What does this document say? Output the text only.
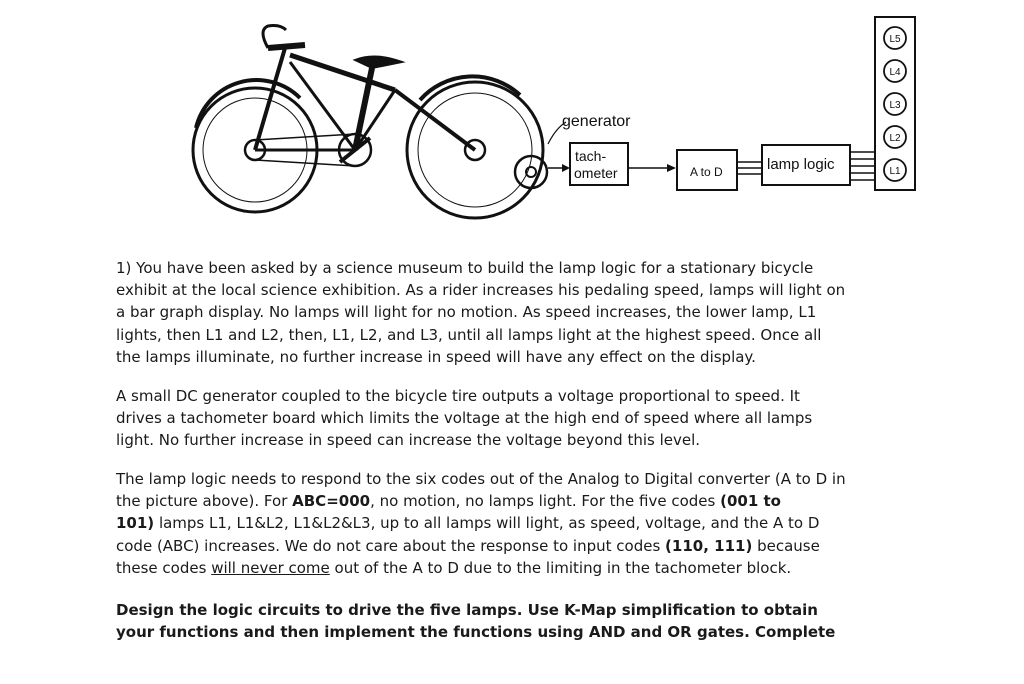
generator
tach-
ometer	A to D	lamp logic
L5
L4
L3
L2
L1
1) You have been asked by a science museum to build the lamp logic for a stationary bicycle
exhibit at the local science exhibition. As a rider increases his pedaling speed, lamps will light on
a bar graph display. No lamps will light for no motion. As speed increases, the lower lamp, L1
lights, then L1 and L2, then, L1, L2, and L3, until all lamps light at the highest speed. Once all
the lamps illuminate, no further increase in speed will have any effect on the display.
A small DC generator coupled to the bicycle tire outputs a voltage proportional to speed. It
drives a tachometer board which limits the voltage at the high end of speed where all lamps
light. No further increase in speed can increase the voltage beyond this level.
The lamp logic needs to respond to the six codes out of the Analog to Digital converter (A to D in
the picture above). For ABC=000, no motion, no lamps light. For the five codes (001 to
101) lamps L1, L1&L2, L1&L2&L3, up to all lamps will light, as speed, voltage, and the A to D
code (ABC) increases. We do not care about the response to input codes (110, 111) because
these codes will never come out of the A to D due to the limiting in the tachometer block.
Design the logic circuits to drive the five lamps. Use K-Map simplification to obtain
your functions and then implement the functions using AND and OR gates. Complete
